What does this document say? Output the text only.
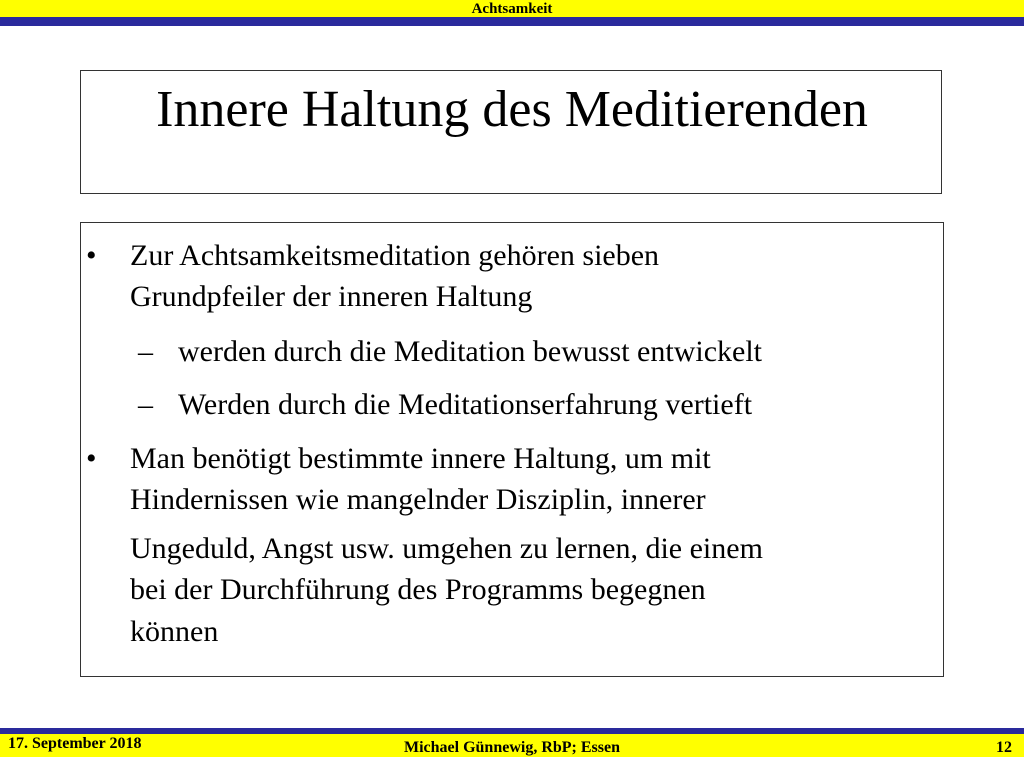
Achtsamkeit
Innere Haltung des Meditierenden
• Zur Achtsamkeitsmeditation gehören sieben
Grundpfeiler der inneren Haltung
– werden durch die Meditation bewusst entwickelt
– Werden durch die Meditationserfahrung vertieft
• Man benötigt bestimmte innere Haltung, um mit
Hindernissen wie mangelnder Disziplin, innerer
Ungeduld, Angst usw. umgehen zu lernen, die einem
bei der Durchführung des Programms begegnen
können
17. September 2018	Michael Günnewig, RbP; Essen	12
